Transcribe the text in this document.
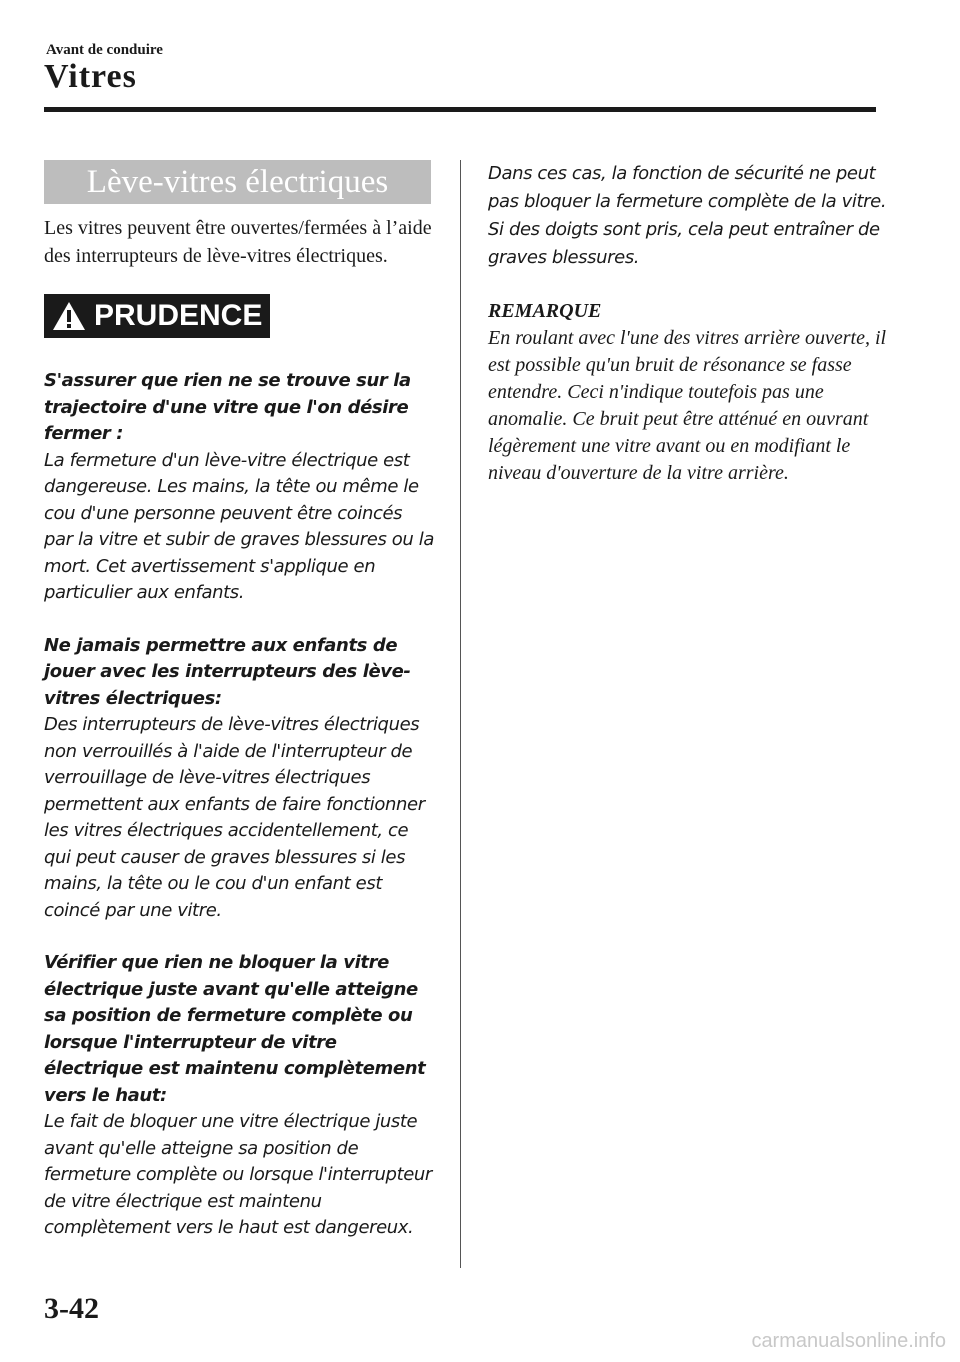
Avant de conduire
Vitres
Lève-vitres électriques
Les vitres peuvent être ouvertes/fermées à l’aide des interrupteurs de lève-vitres électriques.
PRUDENCE
S'assurer que rien ne se trouve sur la trajectoire d'une vitre que l'on désire fermer :
La fermeture d'un lève-vitre électrique est dangereuse. Les mains, la tête ou même le cou d'une personne peuvent être coincés par la vitre et subir de graves blessures ou la mort. Cet avertissement s'applique en particulier aux enfants.
Ne jamais permettre aux enfants de jouer avec les interrupteurs des lève-vitres électriques:
Des interrupteurs de lève-vitres électriques non verrouillés à l'aide de l'interrupteur de verrouillage de lève-vitres électriques permettent aux enfants de faire fonctionner les vitres électriques accidentellement, ce qui peut causer de graves blessures si les mains, la tête ou le cou d'un enfant est coincé par une vitre.
Vérifier que rien ne bloquer la vitre électrique juste avant qu'elle atteigne sa position de fermeture complète ou lorsque l'interrupteur de vitre électrique est maintenu complètement vers le haut:
Le fait de bloquer une vitre électrique juste avant qu'elle atteigne sa position de fermeture complète ou lorsque l'interrupteur de vitre électrique est maintenu complètement vers le haut est dangereux.
Dans ces cas, la fonction de sécurité ne peut pas bloquer la fermeture complète de la vitre. Si des doigts sont pris, cela peut entraîner de graves blessures.
REMARQUE
En roulant avec l'une des vitres arrière ouverte, il est possible qu'un bruit de résonance se fasse entendre. Ceci n'indique toutefois pas une anomalie. Ce bruit peut être atténué en ouvrant légèrement une vitre avant ou en modifiant le niveau d'ouverture de la vitre arrière.
3-42
carmanualsonline.info
